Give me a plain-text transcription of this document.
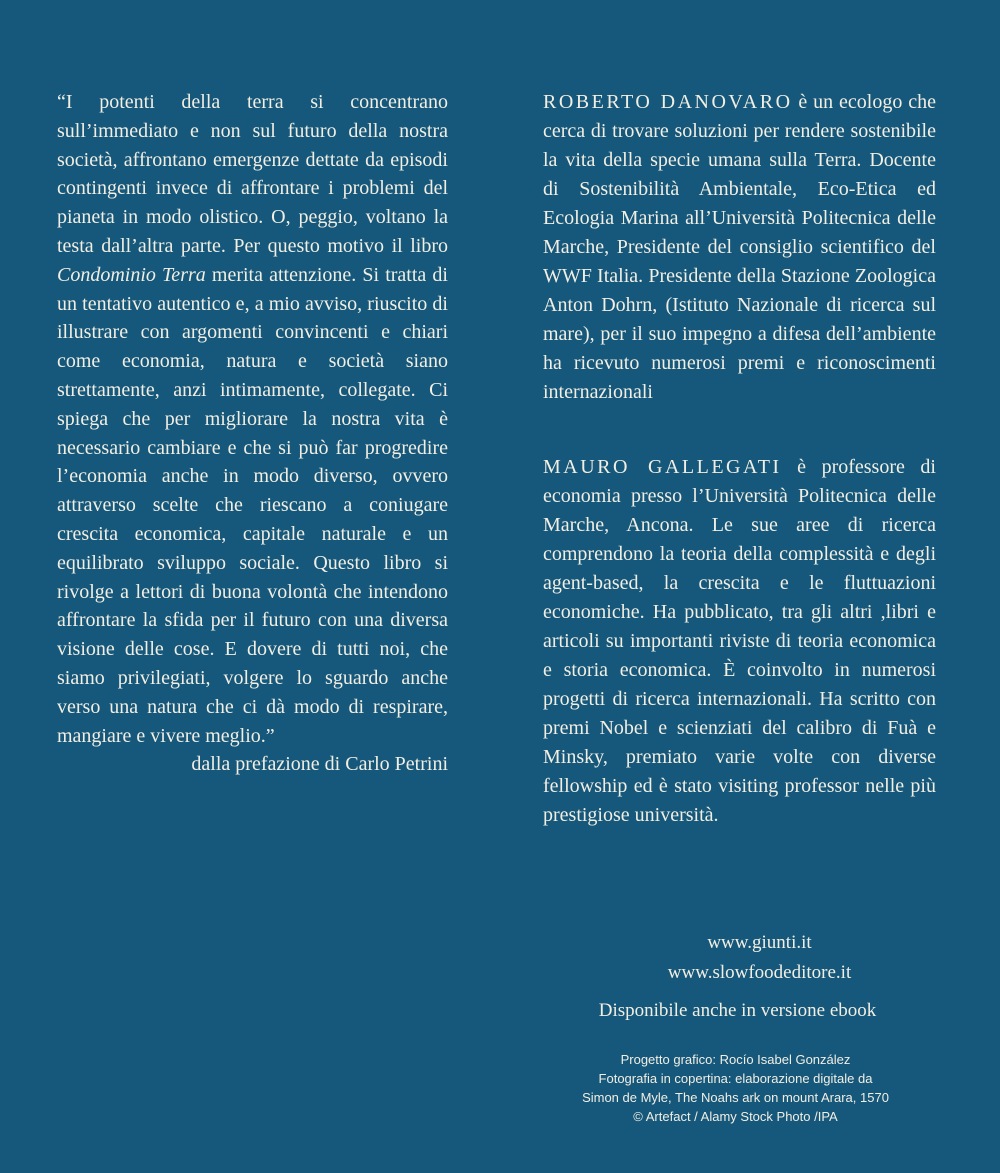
“I potenti della terra si concentrano sull’immediato e non sul futuro della nostra società, affrontano emergenze dettate da episodi contingenti invece di affrontare i problemi del pianeta in modo olistico. O, peggio, voltano la testa dall’altra parte. Per questo motivo il libro Condominio Terra merita attenzione. Si tratta di un tentativo autentico e, a mio avviso, riuscito di illustrare con argomenti convincenti e chiari come economia, natura e società siano strettamente, anzi intimamente, collegate. Ci spiega che per migliorare la nostra vita è necessario cambiare e che si può far progredire l’economia anche in modo diverso, ovvero attraverso scelte che riescano a coniugare crescita economica, capitale naturale e un equilibrato sviluppo sociale. Questo libro si rivolge a lettori di buona volontà che intendono affrontare la sfida per il futuro con una diversa visione delle cose. E dovere di tutti noi, che siamo privilegiati, volgere lo sguardo anche verso una natura che ci dà modo di respirare, mangiare e vivere meglio.”

dalla prefazione di Carlo Petrini

ROBERTO DANOVARO è un ecologo che cerca di trovare soluzioni per rendere sostenibile la vita della specie umana sulla Terra. Docente di Sostenibilità Ambientale, Eco-Etica ed Ecologia Marina all’Università Politecnica delle Marche, Presidente del consiglio scientifico del WWF Italia. Presidente della Stazione Zoologica Anton Dohrn, (Istituto Nazionale di ricerca sul mare), per il suo impegno a difesa dell’ambiente ha ricevuto numerosi premi e riconoscimenti internazionali

MAURO GALLEGATI è professore di economia presso l’Università Politecnica delle Marche, Ancona. Le sue aree di ricerca comprendono la teoria della complessità e degli agent-based, la crescita e le fluttuazioni economiche. Ha pubblicato, tra gli altri ,libri e articoli su importanti riviste di teoria economica e storia economica. È coinvolto in numerosi progetti di ricerca internazionali. Ha scritto con premi Nobel e scienziati del calibro di Fuà e Minsky, premiato varie volte con diverse fellowship ed è stato visiting professor nelle più prestigiose università.

www.giunti.it
www.slowfoodeditore.it
Disponibile anche in versione ebook
Progetto grafico: Rocío Isabel González
Fotografia in copertina: elaborazione digitale da
Simon de Myle, The Noahs ark on mount Arara, 1570
© Artefact / Alamy Stock Photo /IPA
